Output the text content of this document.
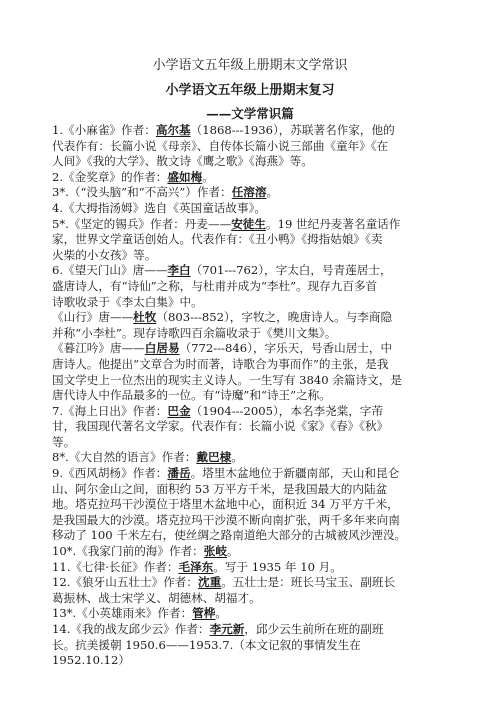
小学语文五年级上册期末文学常识
小学语文五年级上册期末复习
——文学常识篇
1.《小麻雀》作者：高尔基（1868---1936），苏联著名作家，他的
代表作有：长篇小说《母亲》、自传体长篇小说三部曲《童年》《在
人间》《我的大学》、散文诗《鹰之歌》《海燕》等。
2.《金奖章》的作者：盛如梅。
3*.（“没头脑”和“不高兴”）作者：任溶溶。
4.《大拇指汤姆》选自《英国童话故事》。
5*.《坚定的锡兵》作者：丹麦——安徒生。19 世纪丹麦著名童话作
家，世界文学童话创始人。代表作有：《丑小鸭》《拇指姑娘》《卖
火柴的小女孩》等。
6.《望天门山》唐——李白（701---762），字太白，号青莲居士，
盛唐诗人，有“诗仙”之称，与杜甫并成为“李杜”。现存九百多首
诗歌收录于《李太白集》中。
《山行》唐——杜牧（803---852），字牧之，晚唐诗人。与李商隐
并称“小李杜”。现存诗歌四百余篇收录于《樊川文集》。
《暮江吟》唐——白居易（772---846），字乐天，号香山居士，中
唐诗人。他提出“文章合为时而著，诗歌合为事而作”的主张，是我
国文学史上一位杰出的现实主义诗人。一生写有 3840 余篇诗文，是
唐代诗人中作品最多的一位。有“诗魔”和“诗王”之称。
7.《海上日出》作者：巴金（1904---2005），本名李尧棠，字芾
甘，我国现代著名文学家。代表作有：长篇小说《家》《春》《秋》
等。
8*.《大自然的语言》作者：戴巴棣。
9.《西风胡杨》作者：潘岳。塔里木盆地位于新疆南部，天山和昆仑
山、阿尔金山之间，面积约 53 万平方千米，是我国最大的内陆盆
地。塔克拉玛干沙漠位于塔里木盆地中心，面积近 34 万平方千米，
是我国最大的沙漠。塔克拉玛干沙漠不断向南扩张，两千多年来向南
移动了 100 千米左右，使丝绸之路南道绝大部分的古城被风沙湮没。
10*.《我家门前的海》作者：张岐。
11.《七律·长征》作者：毛泽东。写于 1935 年 10 月。
12.《狼牙山五壮士》作者：沈重。五壮士是：班长马宝玉、副班长
葛振林、战士宋学义、胡德林、胡福才。
13*.《小英雄雨来》作者：管桦。
14.《我的战友邱少云》作者：李元新，邱少云生前所在班的副班
长。抗美援朝 1950.6——1953.7.（本文记叙的事情发生在
1952.10.12）
